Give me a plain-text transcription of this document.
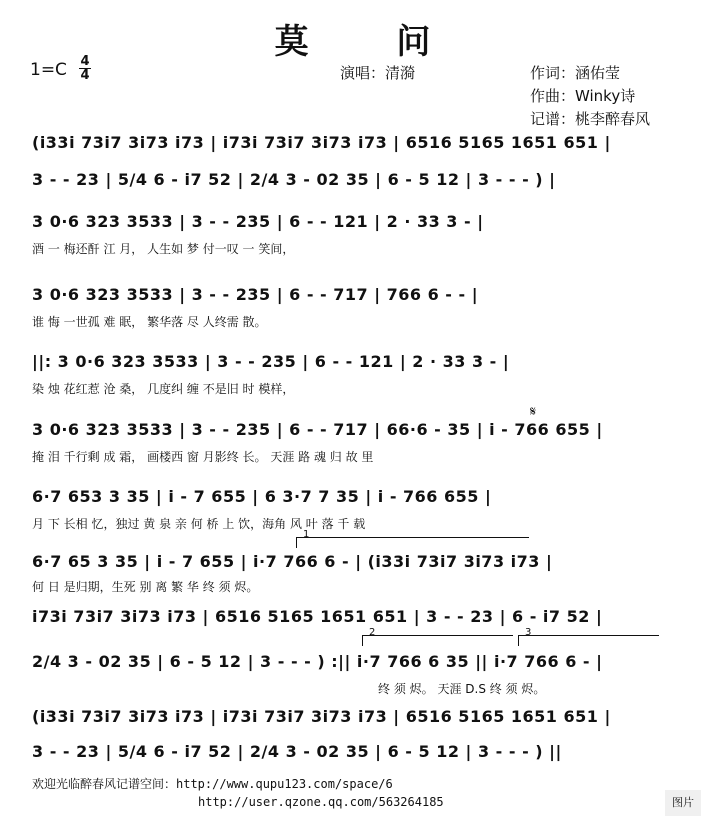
莫 问
1=C 4
4	演唱：清漪	作词：涵佑莹
作曲：Winky诗
记谱：桃李醉春风
(i33i 73i7 3i73 i73 | i73i 73i7 3i73 i73 | 6516 5165 1651 651 |
3 - - 23 | 5/4 6 - i7 52 | 2/4 3 - 02 35 | 6 - 5 12 | 3 - - - ) |
3 0·6 323 3533 | 3 - - 235 | 6 - - 121 | 2 · 33 3 - |
酒 一 梅还酐 江 月， 人生如 梦 付一叹 一 笑间，
3 0·6 323 3533 | 3 - - 235 | 6 - - 717 | 766 6 - - |
谁 悔 一世孤 难 眠， 繁华落 尽 人终需 散。
||: 3 0·6 323 3533 | 3 - - 235 | 6 - - 121 | 2 · 33 3 - |
染 烛 花红惹 沧 桑， 几度纠 缠 不是旧 时 模样，
3 0·6 323 3533 | 3 - - 235 | 6 - - 717 | 66·6 - 35 | i - 766 655 |
掩 泪 千行剩 成 霜， 画楼西 窗 月影终 长。 天涯 路 魂 归 故 里
𝄋
6·7 653 3 35 | i - 7 655 | 6 3·7 7 35 | i - 766 655 |
月 下 长相 忆，独过 黄 泉 亲 何 桥 上 饮，海角 风 叶 落 千 载
1
6·7 65 3 35 | i - 7 655 | i·7 766 6 - | (i33i 73i7 3i73 i73 |
何 日 是归期，生死 别 离 繁 华 终 须 烬。
i73i 73i7 3i73 i73 | 6516 5165 1651 651 | 3 - - 23 | 6 - i7 52 |
2	3
2/4 3 - 02 35 | 6 - 5 12 | 3 - - - ) :|| i·7 766 6 35 || i·7 766 6 - |
终 须 烬。 天涯 D.S 终 须 烬。
(i33i 73i7 3i73 i73 | i73i 73i7 3i73 i73 | 6516 5165 1651 651 |
3 - - 23 | 5/4 6 - i7 52 | 2/4 3 - 02 35 | 6 - 5 12 | 3 - - - ) ||
欢迎光临醉春风记谱空间：http://www.qupu123.com/space/6
http://user.qzone.qq.com/563264185	图片
